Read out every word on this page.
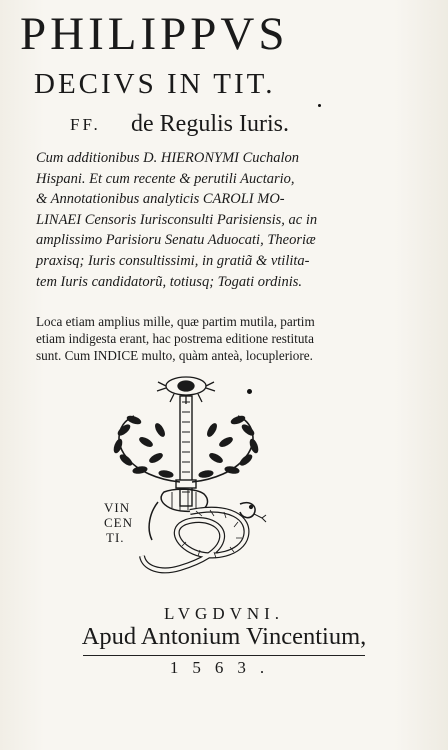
PHILIPPVS
DECIVS IN TIT.
FF. de Regulis Iuris.
Cum additionibus D. HIERONYMI Cuchalon
Hispani. Et cum recente & perutili Auctario,
& Annotationibus analyticis CAROLI MO-
LINAEI Censoris Iurisconsulti Parisiensis, ac in
amplissimo Parisioru Senatu Aduocati, Theoriæ
praxisq; Iuris consultissimi, in gratiã & vtilita-
tem Iuris candidatorũ, totiusq; Togati ordinis.
Loca etiam amplius mille, quæ partim mutila, partim
etiam indigesta erant, hac postrema editione restituta
sunt. Cum INDICE multo, quàm anteà, locupleriore.
VIN
CEN
TI.
LVGDVNI.
Apud Antonium Vincentium,
1563.
